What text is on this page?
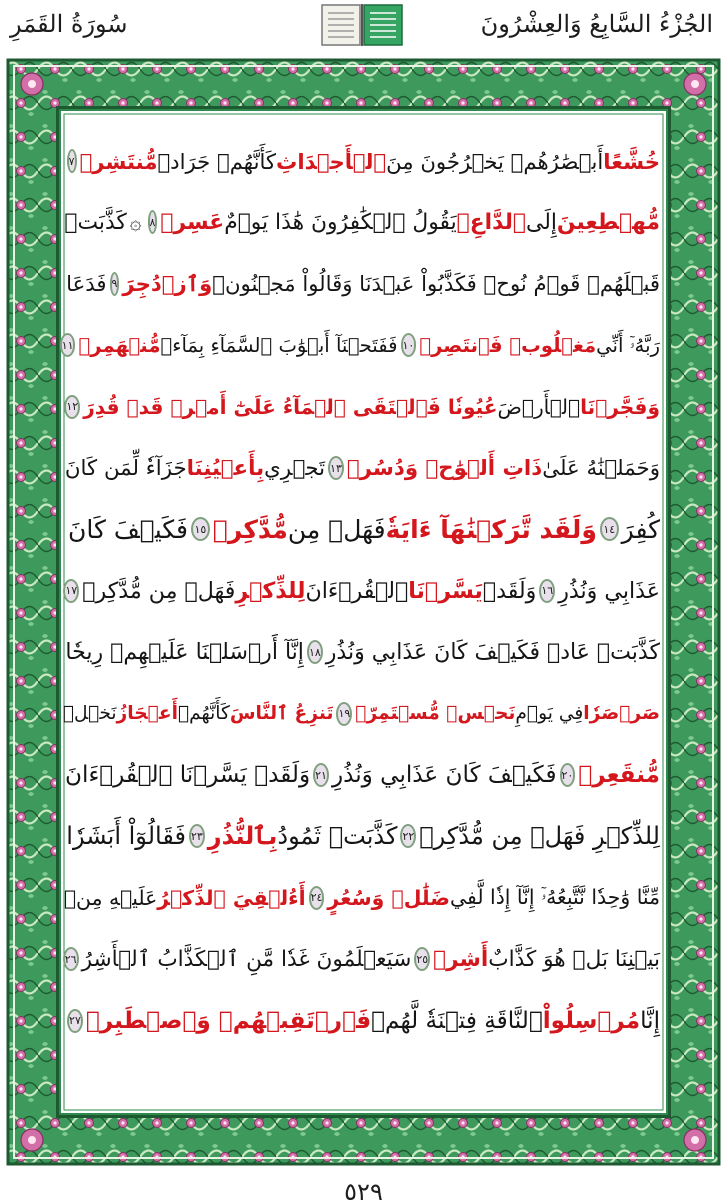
الجُزْءُ السَّابِعُ وَالعِشْرُونَ
سُورَةُ القَمَرِ
خُشَّعًا
أَبۡصَٰرُهُمۡ يَخۡرُجُونَ مِنَ
ٱلۡأَجۡدَاثِ
كَأَنَّهُمۡ جَرَادٞ
مُّنتَشِرٞ
٧
مُّهۡطِعِينَ
إِلَى
ٱلدَّاعِۖ
يَقُولُ ٱلۡكَٰفِرُونَ هَٰذَا يَوۡمٌ
عَسِرٞ
٨
۞
كَذَّبَتۡ
قَبۡلَهُمۡ قَوۡمُ نُوحٖ فَكَذَّبُواْ عَبۡدَنَا وَقَالُواْ مَجۡنُونٞ
وَٱزۡدُجِرَ
٩
فَدَعَا
رَبَّهُۥٓ أَنِّي
مَغۡلُوبٞ فَٱنتَصِرۡ
١٠
فَفَتَحۡنَآ أَبۡوَٰبَ ٱلسَّمَآءِ بِمَآءٖ
مُّنۡهَمِرٖ
١١
وَفَجَّرۡنَا
ٱلۡأَرۡضَ
عُيُونٗا فَٱلۡتَقَى ٱلۡمَآءُ عَلَىٰٓ أَمۡرٖ قَدۡ قُدِرَ
١٢
وَحَمَلۡنَٰهُ عَلَىٰ
ذَاتِ أَلۡوَٰحٖ وَدُسُرٖ
١٣
تَجۡرِي
بِأَعۡيُنِنَا
جَزَآءٗ لِّمَن كَانَ
كُفِرَ
١٤
وَلَقَد تَّرَكۡنَٰهَآ ءَايَةٗ
فَهَلۡ مِن
مُّدَّكِرٖ
١٥
فَكَيۡفَ كَانَ
عَذَابِي وَنُذُرِ
١٦
وَلَقَدۡ
يَسَّرۡنَا
ٱلۡقُرۡءَانَ
لِلذِّكۡرِ
فَهَلۡ مِن مُّدَّكِرٖ
١٧
كَذَّبَتۡ عَادٞ فَكَيۡفَ كَانَ عَذَابِي وَنُذُرِ
١٨
إِنَّآ أَرۡسَلۡنَا عَلَيۡهِمۡ رِيحٗا
صَرۡصَرٗا
فِي يَوۡمِ
نَحۡسٖ مُّسۡتَمِرّٖ
١٩
تَنزِعُ ٱلنَّاسَ
كَأَنَّهُمۡ
أَعۡجَازُ
نَخۡلٖ
مُّنقَعِرٖ
٢٠
فَكَيۡفَ كَانَ عَذَابِي وَنُذُرِ
٢١
وَلَقَدۡ يَسَّرۡنَا ٱلۡقُرۡءَانَ
لِلذِّكۡرِ فَهَلۡ مِن مُّدَّكِرٖ
٢٢
كَذَّبَتۡ ثَمُودُ
بِٱلنُّذُرِ
٢٣
فَقَالُوٓاْ أَبَشَرٗا
مِّنَّا وَٰحِدٗا نَّتَّبِعُهُۥٓ إِنَّآ إِذٗا لَّفِي
ضَلَٰلٖ وَسُعُرٍ
٢٤
أَءُلۡقِيَ ٱلذِّكۡرُ
عَلَيۡهِ مِنۢ
بَيۡنِنَا بَلۡ هُوَ كَذَّابٌ
أَشِرٞ
٢٥
سَيَعۡلَمُونَ غَدٗا مَّنِ ٱلۡكَذَّابُ ٱلۡأَشِرُ
٢٦
إِنَّا
مُرۡسِلُواْ
ٱلنَّاقَةِ فِتۡنَةٗ لَّهُمۡ
فَٱرۡتَقِبۡهُمۡ وَٱصۡطَبِرۡ
٢٧
٥٢٩
